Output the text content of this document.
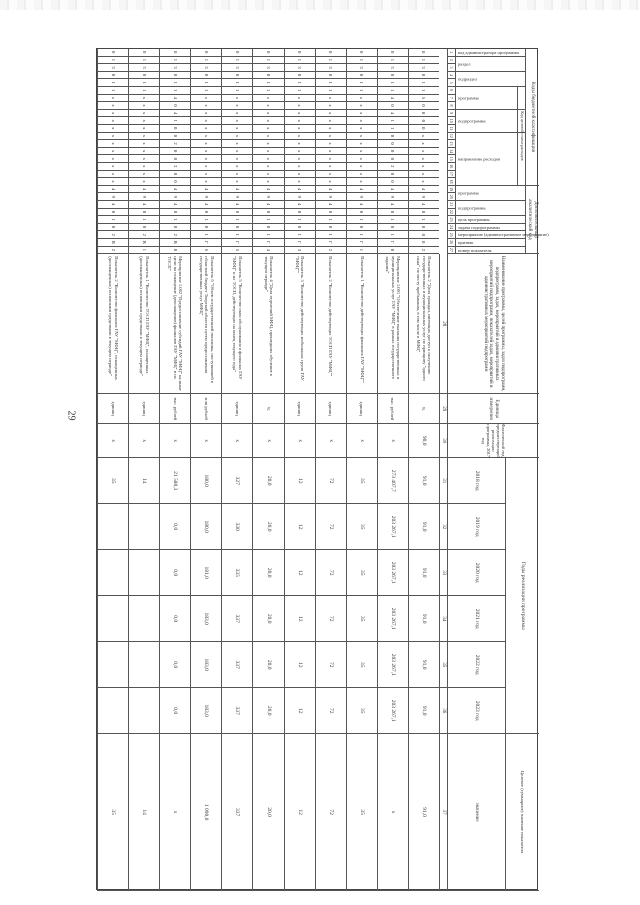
29
Коды бюджетной классификации
Дополнительный аналитический код
код администратора программы
раздел
подраздел
программа
подпрограмма
направление расходов
программа
подпрограмма
цель программы
задача подпрограммы
мероприятие (административное мероприятие)
признак
номер показателя
Код целевой статьи расходов
1
2
3
4
5
6
7
8
9
10
11
12
13
14
15
16
17
18
19
20
21
22
23
24
25
26
27
Наименование программы, целей программы, задач подпрограмм, подпрограмм, задач, мероприятий и административных мероприятий подпрограмм, показателей задач, мероприятий и административных мероприятий подпрограмм
28
Единица измерения
29
Фактический год, предшествующий реализации программы, 2017 год
30
Годы реализации программы
2018 год
31
2019 год
32
2020 год
33
2021 год
34
2022 год
35
2023 год
36
Целевое (суммарное) значение показателя
значение
37
0
1
3
0
1
1
5
0
0
0
0
x
x
x
x
x
x
x
4
9
4
0
1
0
0
0
2
Показатель 2 "Доля граждан, имеющих доступ к получению государственных и муниципальных услуг по принципу "одного окна" по месту пребывания, в том числе в МФЦ"
%
90,0
91,0
91,0
91,0
91,0
91,0
91,0
91,0
0
1
3
0
1
1
4
0
4
1
1
0
0
0
0
2
0
0
4
9
4
0
1
0
1
Г
0
Мероприятие 1.001 "Обеспечение оказания государственных и муниципальных услуг ГАУ "МФЦ" в рамках государственного задания"
тыс. рублей
x
273 407,7
203 267,1
203 267,1
203 267,1
203 267,1
203 267,1
x
0
1
3
0
1
1
x
x
x
x
x
x
x
x
x
x
x
x
4
9
4
0
1
0
1
Г
1
Показатель 1 "Количество действующих филиалов ГАУ "МФЦ""
единиц
x
35
35
35
35
35
35
35
0
1
3
0
1
1
x
x
x
x
x
x
x
x
x
x
x
x
4
9
4
0
1
0
1
Г
2
Показатель 2 "Количество действующих ТОСП ГАУ "МФЦ""
единиц
x
72
72
72
72
72
72
72
0
1
3
0
1
1
x
x
x
x
x
x
x
x
x
x
x
x
4
9
4
0
1
0
1
Г
3
Показатель 3 "Количество действующих мобильных групп ГАУ "МФЦ""
единиц
x
12
12
12
12
12
12
12
0
1
3
0
1
1
x
x
x
x
x
x
x
x
x
x
x
x
4
9
4
0
1
0
1
Г
4
Показатель 4 "Доля отделений МФЦ, прошедших обучение в текущем периоде"
%
x
20,0
20,0
20,0
20,0
20,0
20,0
20,0
0
1
3
0
1
1
x
x
x
x
x
x
x
x
x
x
x
x
4
9
4
0
1
0
1
Г
5
Показатель 5 "Количество окон обслуживания в филиалах ГАУ "МФЦ" и их ТОСП, действующих на конец текущего года"
единиц
x
327
330
335
337
337
337
337
0
1
3
0
1
1
x
x
x
x
x
x
x
x
x
x
x
x
4
9
4
0
1
0
1
Г
6
Показатель 6 "Объем государственной пошлины, поступившей в областной бюджет Тверской области путем предоставления государственных услуг МФЦ"
млн рублей
x
180,0
180,0
181,0
183,0
183,0
183,0
1 090,0
0
1
3
0
1
1
4
0
4
1
0
0
2
0
0
2
0
0
4
9
4
0
1
0
2
В
0
Мероприятие 1.002 "Предоставление субсидий ГАУ "МФЦ" на иные цели на оснащение (дооснащение) филиалов ГАУ "МФЦ" и их ТОСП"
тыс. рублей
x
21 580,3
0,0
0,0
0,0
0,0
0,0
x
0
1
3
0
1
1
x
x
x
x
x
x
x
x
x
x
x
x
4
9
4
0
1
0
2
В
1
Показатель 1 "Количество ТОСП ГАУ "МФЦ", оснащенных (дооснащенных) основными средствами в текущем периоде"
единиц
x
14
14
0
1
3
0
1
1
x
x
x
x
x
x
x
x
x
x
x
x
4
9
4
0
1
0
2
В
2
Показатель 2 "Количество филиалов ГАУ "МФЦ", оснащенных (дооснащенных) основными средствами в текущем периоде"
единиц
x
35
35
